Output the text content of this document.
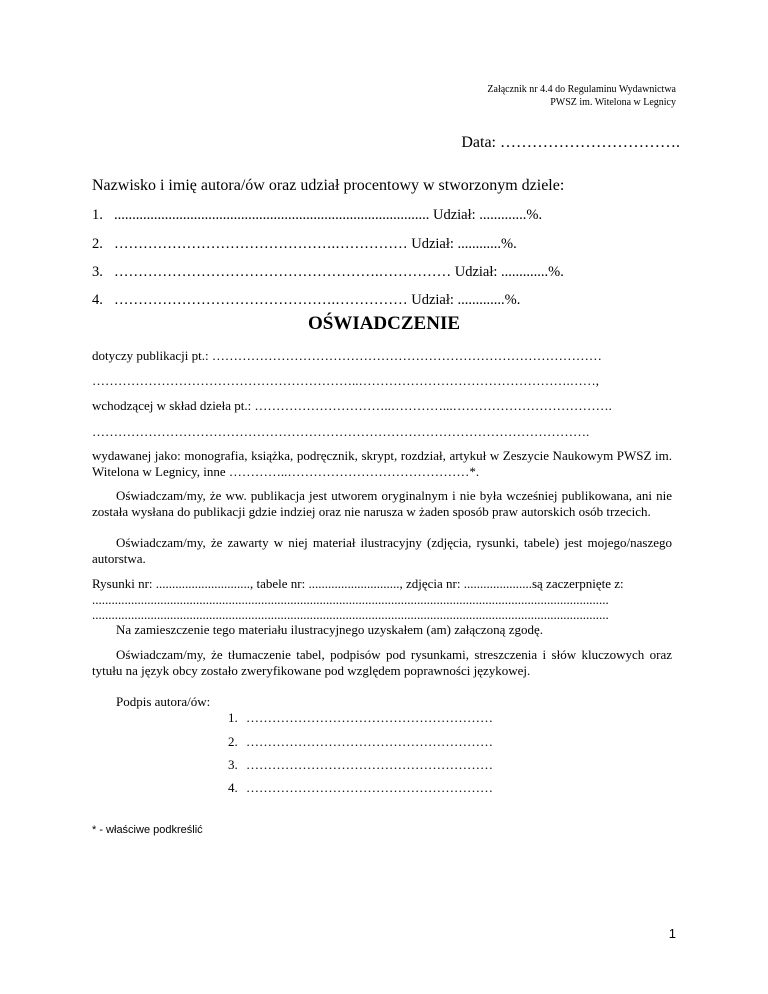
Załącznik nr 4.4 do Regulaminu Wydawnictwa
PWSZ im. Witelona w Legnicy
Data: …………………………….
Nazwisko i imię autora/ów oraz udział procentowy w stworzonym dziele:
1. ....................................................................................... Udział: .............%.
2. ……………………………………….…………… Udział: ............%.
3. ……………………………………………….…………… Udział: .............%.
4. ……………………………………….…………… Udział: .............%.
OŚWIADCZENIE
dotyczy publikacji pt.: ………………………………………………………………………………
……………………………………………………..………………………………………….……,
wchodzącej w skład dzieła pt.: …………………………..…………...……………………………….
…………………………………………………………………………………………………….
wydawanej jako: monografia, książka, podręcznik, skrypt, rozdział, artykuł w Zeszycie Naukowym PWSZ im. Witelona w Legnicy, inne …………..……………………………………*.
Oświadczam/my, że ww. publikacja jest utworem oryginalnym i nie była wcześniej publikowana, ani nie została wysłana do publikacji gdzie indziej oraz nie narusza w żaden sposób praw autorskich osób trzecich.
Oświadczam/my, że zawarty w niej materiał ilustracyjny (zdjęcia, rysunki, tabele) jest mojego/naszego autorstwa.
Rysunki nr: ............................., tabele nr: ............................, zdjęcia nr: .....................są zaczerpnięte z:
...............................................................................................................................................................
...............................................................................................................................................................
Na zamieszczenie tego materiału ilustracyjnego uzyskałem (am) załączoną zgodę.
Oświadczam/my, że tłumaczenie tabel, podpisów pod rysunkami, streszczenia i słów kluczowych oraz tytułu na język obcy zostało zweryfikowane pod względem poprawności językowej.
Podpis autora/ów:
1. …………………………………………………
2. …………………………………………………
3. …………………………………………………
4. …………………………………………………
* - właściwe podkreślić
1
